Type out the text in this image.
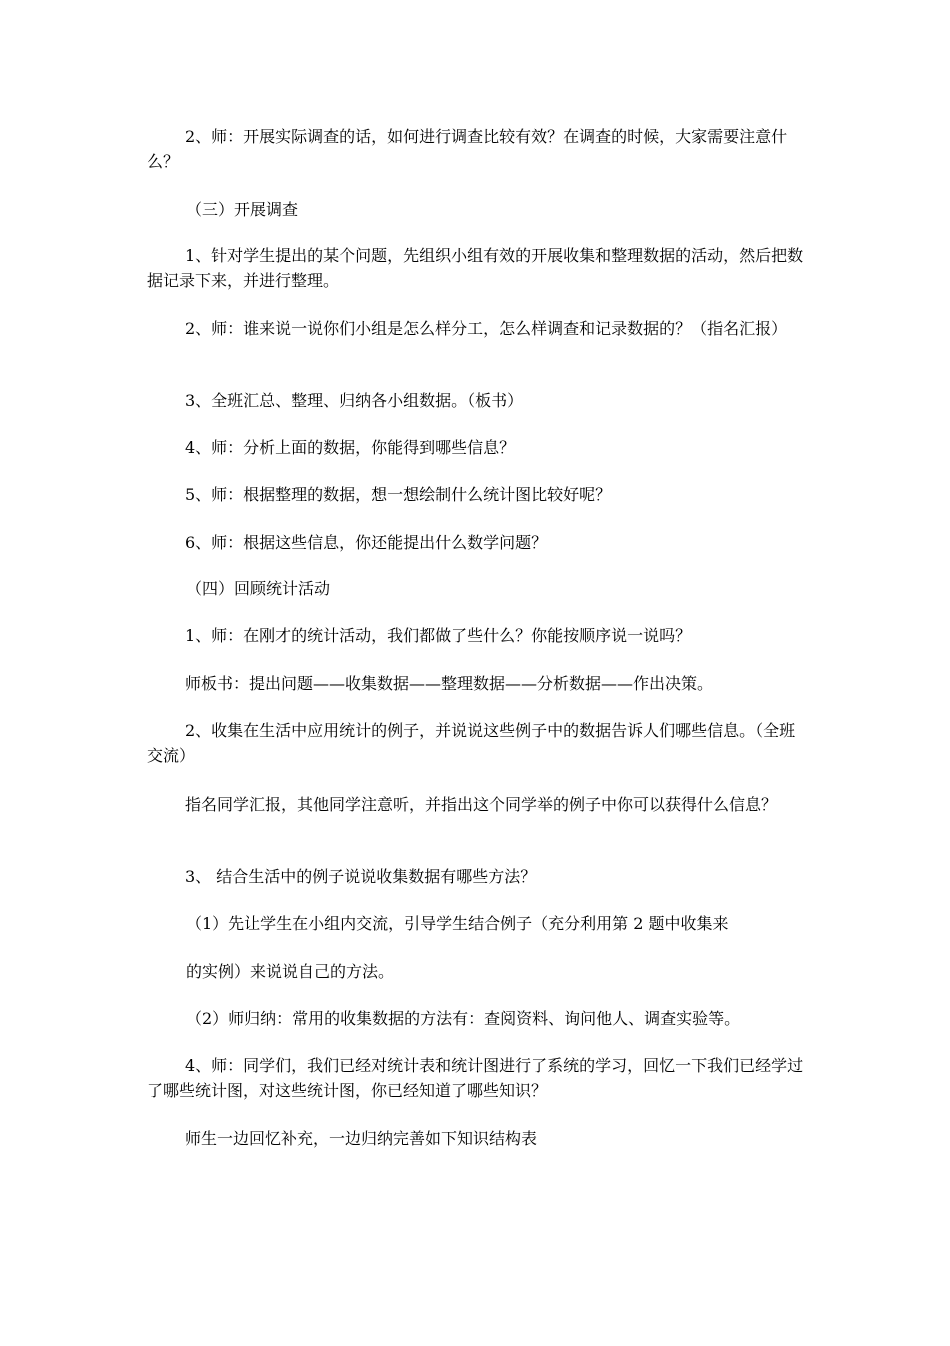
2、师：开展实际调查的话，如何进行调查比较有效？在调查的时候，大家需要注意什么？

（三）开展调查

1、针对学生提出的某个问题，先组织小组有效的开展收集和整理数据的活动，然后把数据记录下来，并进行整理。

2、师：谁来说一说你们小组是怎么样分工，怎么样调查和记录数据的？（指名汇报）

3、全班汇总、整理、归纳各小组数据。（板书）

4、师：分析上面的数据，你能得到哪些信息？

5、师：根据整理的数据，想一想绘制什么统计图比较好呢？

6、师：根据这些信息，你还能提出什么数学问题？

（四）回顾统计活动

1、师：在刚才的统计活动，我们都做了些什么？你能按顺序说一说吗？

师板书：提出问题——收集数据——整理数据——分析数据——作出决策。

2、收集在生活中应用统计的例子，并说说这些例子中的数据告诉人们哪些信息。（全班交流）

指名同学汇报，其他同学注意听，并指出这个同学举的例子中你可以获得什么信息？

3、 结合生活中的例子说说收集数据有哪些方法？

（1）先让学生在小组内交流，引导学生结合例子（充分利用第 2 题中收集来

的实例）来说说自己的方法。

（2）师归纳：常用的收集数据的方法有：查阅资料、询问他人、调查实验等。

4、师：同学们，我们已经对统计表和统计图进行了系统的学习，回忆一下我们已经学过了哪些统计图，对这些统计图，你已经知道了哪些知识？

师生一边回忆补充，一边归纳完善如下知识结构表
